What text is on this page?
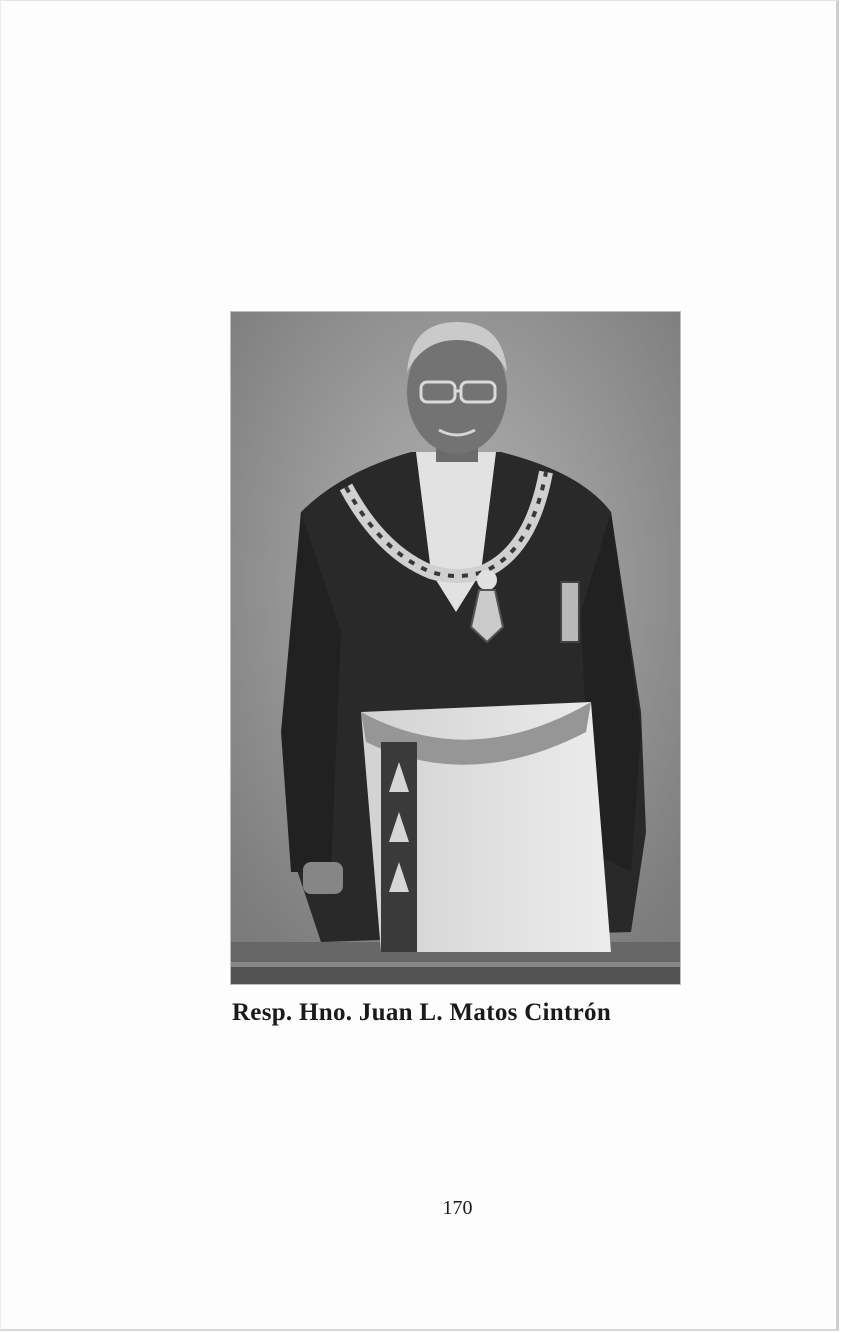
Resp. Hno. Juan L. Matos Cintrón
170
